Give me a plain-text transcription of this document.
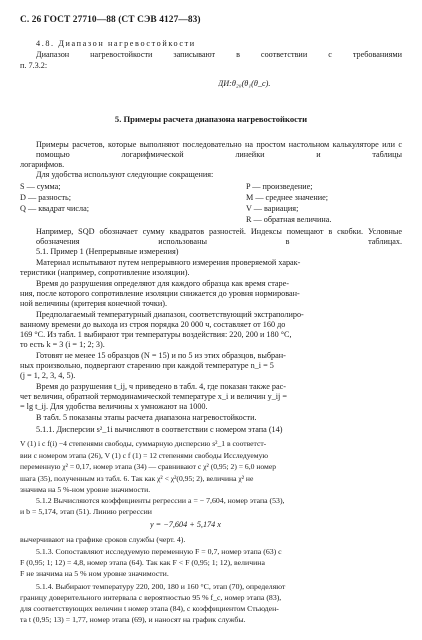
С. 26 ГОСТ 27710—88 (СТ СЭВ 4127—83)
4.8. Диапазон нагревостойкости
Диапазон нагревостойкости записывают в соответствии с требованиями
п. 7.3.2:
ДИ:θ₂₀(θ₁(θ_c).
5. Примеры расчета диапазона нагревостойкости
Примеры расчетов, которые выполняют последовательно на простом настольном калькуляторе или с помощью логарифмической линейки и таблицы
логарифмов.
Для удобства используют следующие сокращения:
S — сумма;
D — разность;
Q — квадрат числа;
P — произведение;
M — среднее значение;
V — вариация;
R — обратная величина.
Например, SQD обозначает сумму квадратов разностей. Индексы помещают в скобки. Условные обозначения использованы в таблицах.
5.1. Пример 1 (Непрерывные измерения)
Материал испытывают путем непрерывного измерения проверяемой харак-
теристики (например, сопротивление изоляции).
Время до разрушения определяют для каждого образца как время старе-
ния, после которого сопротивление изоляции снижается до уровня нормирован-
ной величины (критерия конечной точки).
Предполагаемый температурный диапазон, соответствующий экстраполиро-
ванному времени до выхода из строя порядка 20 000 ч, составляет от 160 до
169 °С. Из табл. 1 выбирают три температуры воздействия: 220, 200 и 180 °С,
то есть k = 3 (i = 1; 2; 3).
Готовят не менее 15 образцов (N = 15) и по 5 из этих образцов, выбран-
ных произвольно, подвергают старению при каждой температуре n_i = 5
(j = 1, 2, 3, 4, 5).
Время до разрушения t_ij, ч приведено в табл. 4, где показан также рас-
чет величин, обратной термодинамической температуре x_i и величин y_ij =
= lg t_ij. Для удобства величины x умножают на 1000.
В табл. 5 показаны этапы расчета диапазона нагревостойкости.
5.1.1. Дисперсии s²_1i вычисляют в соответствии с номером этапа (14)
V (1) i с f(i) −4 степенями свободы, суммарную дисперсию s²_1 в соответст-
вии с номером этапа (26), V (1) с f (1) = 12 степенями свободы Исследуемую
переменную χ² = 0,17, номер этапа (34) — сравнивают с χ² (0,95; 2) = 6,0 номер
шага (35), полученным из табл. 6. Так как χ² < χ²(0,95; 2), величина χ² не
значима на 5 %-ном уровне значимости.
5.1.2 Вычисляются коэффициенты регрессии a = − 7,604, номер этапа (53),
и b = 5,174, этап (51). Линию регрессии
y = −7,604 + 5,174 x
вычерчивают на графике сроков службы (черт. 4).
5.1.3. Сопоставляют исследуемую переменную F = 0,7, номер этапа (63) с
F (0,95; 1; 12) = 4,8, номер этапа (64). Так как F < F (0,95; 1; 12), величина
F не значима на 5 % ном уровне значимости.
5.1.4. Выбирают температуру 220, 200, 180 и 160 °С, этап (70), определяют
границу доверительного интервала с вероятностью 95 % f_c, номер этапа (83),
для соответствующих величин t номер этапа (84), с коэффициентом Стьюден-
та t (0,95; 13) = 1,77, номер этапа (69), и наносят на график службы.
